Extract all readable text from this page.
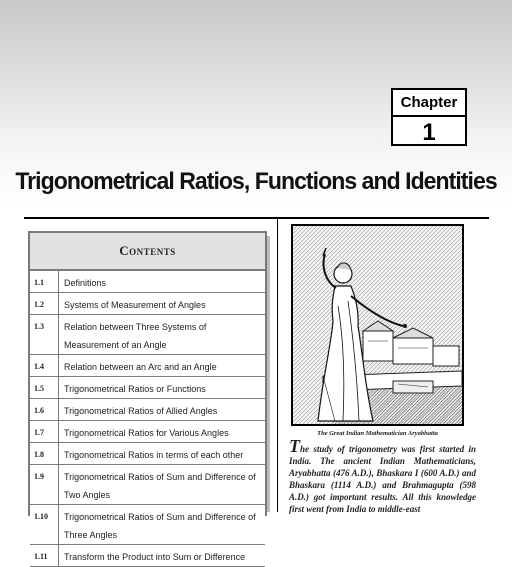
Chapter
1
Trigonometrical Ratios, Functions and Identities
Contents
1.1	Definitions
1.2	Systems of Measurement of Angles
1.3	Relation between Three Systems of Measurement of an Angle
1.4	Relation between an Arc and an Angle
1.5	Trigonometrical Ratios or Functions
1.6	Trigonometrical Ratios of Allied Angles
1.7	Trigonometrical Ratios for Various Angles
1.8	Trigonometrical Ratios in terms of each other
1.9	Trigonometrical Ratios of Sum and Difference of Two Angles
1.10	Trigonometrical Ratios of Sum and Difference of Three Angles
1.11	Transform the Product into Sum or Difference
The Great Indian Mathematician Aryabhatta
The study of trigonometry was first started in India. The ancient Indian Mathematicians, Aryabhatta (476 A.D.), Bhaskara I (600 A.D.) and Bhaskara (1114 A.D.) and Brahmagupta (598 A.D.) got important results. All this knowledge first went from India to middle-east
